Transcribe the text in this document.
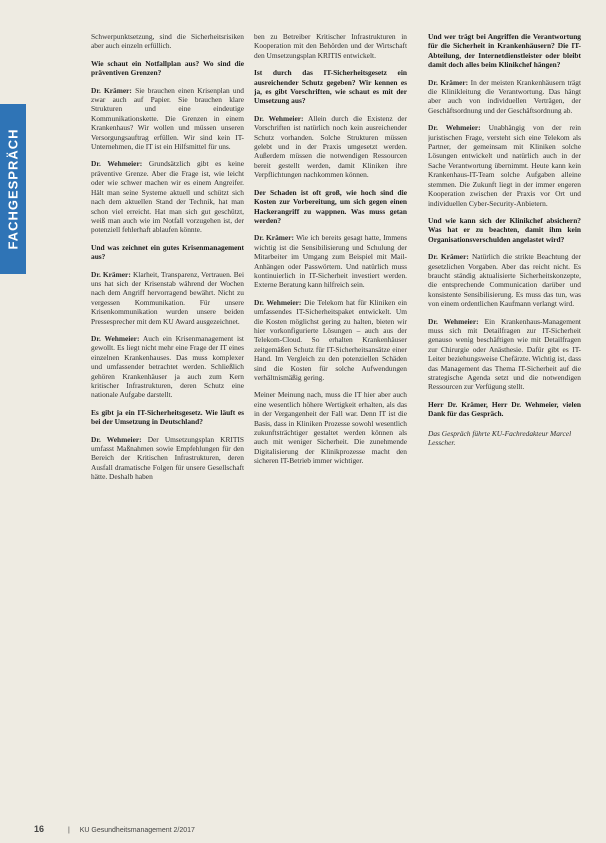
FACHGESPRÄCH

Schwerpunktsetzung, sind die Sicherheitsrisiken aber auch einzeln erfüllich.

Wie schaut ein Notfallplan aus? Wo sind die präventiven Grenzen?

Dr. Krämer: Sie brauchen einen Krisenplan und zwar auch auf Papier. Sie brauchen klare Strukturen und eine eindeutige Kommunikationskette. Die Grenzen in einem Krankenhaus? Wir wollen und müssen unseren Versorgungsauftrag erfüllen. Wir sind kein IT-Unternehmen, die IT ist ein Hilfsmittel für uns.

Dr. Wehmeier: Grundsätzlich gibt es keine präventive Grenze. Aber die Frage ist, wie leicht oder wie schwer machen wir es einem Angreifer. Hält man seine Systeme aktuell und schützt sich nach dem aktuellen Stand der Technik, hat man schon viel erreicht. Hat man sich gut geschützt, weiß man auch wie im Notfall vorzugehen ist, der potenziell fehlerhaft ablaufen könnte.

Und was zeichnet ein gutes Krisenmanagement aus?

Dr. Krämer: Klarheit, Transparenz, Vertrauen. Bei uns hat sich der Krisenstab während der Wochen nach dem Angriff hervorragend bewährt. Nicht zu vergessen Kommunikation. Für unsere Krisenkommunikation wurden unsere beiden Pressesprecher mit dem KU Award ausgezeichnet.

Dr. Wehmeier: Auch ein Krisenmanagement ist gewollt. Es liegt nicht mehr eine Frage der IT eines einzelnen Krankenhauses. Das muss komplexer und umfassender betrachtet werden. Schließlich gehören Krankenhäuser ja auch zum Kern kritischer Infrastrukturen, deren Schutz eine nationale Aufgabe darstellt.

Es gibt ja ein IT-Sicherheitsgesetz. Wie läuft es bei der Umsetzung in Deutschland?

Dr. Wehmeier: Der Umsetzungsplan KRITIS umfasst Maßnahmen sowie Empfehlungen für den Bereich der Kritischen Infrastrukturen, deren Ausfall dramatische Folgen für unsere Gesellschaft hätte. Deshalb haben

ben zu Betreiber Kritischer Infrastrukturen in Kooperation mit den Behörden und der Wirtschaft den Umsetzungsplan KRITIS entwickelt.

Ist durch das IT-Sicherheitsgesetz ein ausreichender Schutz gegeben? Wir kennen es ja, es gibt Vorschriften, wie schaut es mit der Umsetzung aus?

Dr. Wehmeier: Allein durch die Existenz der Vorschriften ist natürlich noch kein ausreichender Schutz vorhanden. Solche Strukturen müssen gelebt und in der Praxis umgesetzt werden. Außerdem müssen die notwendigen Ressourcen bereit gestellt werden, damit Kliniken ihre Verpflichtungen nachkommen können.

Der Schaden ist oft groß, wie hoch sind die Kosten zur Vorbereitung, um sich gegen einen Hackerangriff zu wappnen. Was muss getan werden?

Dr. Krämer: Wie ich bereits gesagt hatte, Immens wichtig ist die Sensibilisierung und Schulung der Mitarbeiter im Umgang zum Beispiel mit Mail-Anhängen oder Passwörtern. Und natürlich muss kontinuierlich in IT-Sicherheit investiert werden. Externe Beratung kann hilfreich sein.

Dr. Wehmeier: Die Telekom hat für Kliniken ein umfassendes IT-Sicherheitspaket entwickelt. Um die Kosten möglichst gering zu halten, bieten wir hier vorkonfigurierte Lösungen – auch aus der Telekom-Cloud. So erhalten Krankenhäuser zeitgemäßen Schutz für IT-Sicherheitsansätze einer Hand. Im Vergleich zu den potenziellen Schäden sind die Kosten für solche Aufwendungen verhältnismäßig gering.

Meiner Meinung nach, muss die IT hier aber auch eine wesentlich höhere Wertigkeit erhalten, als das in der Vergangenheit der Fall war. Denn IT ist die Basis, dass in Kliniken Prozesse sowohl wesentlich zukunftsträchtiger gestaltet werden können als auch mit weniger Sicherheit. Die zunehmende Digitalisierung der Klinikprozesse macht den sicheren IT-Betrieb immer wichtiger.

Und wer trägt bei Angriffen die Verantwortung für die Sicherheit in Krankenhäusern? Die IT-Abteilung, der Internetdienstleister oder bleibt damit doch alles beim Klinikchef hängen?

Dr. Krämer: In der meisten Krankenhäusern trägt die Klinikleitung die Verantwortung. Das hängt aber auch von individuellen Verträgen, der Geschäftsordnung und der Geschäftsordnung ab.

Dr. Wehmeier: Unabhängig von der rein juristischen Frage, versteht sich eine Telekom als Partner, der gemeinsam mit Kliniken solche Lösungen entwickelt und natürlich auch in der Sache Verantwortung übernimmt. Heute kann kein Krankenhaus-IT-Team solche Aufgaben alleine stemmen. Die Zukunft liegt in der immer engeren Kooperation zwischen der Praxis vor Ort und individuellen Cyber-Security-Anbietern.

Und wie kann sich der Klinikchef absichern? Was hat er zu beachten, damit ihm kein Organisationsverschulden angelastet wird?

Dr. Krämer: Natürlich die strikte Beachtung der gesetzlichen Vorgaben. Aber das reicht nicht. Es braucht ständig aktualisierte Sicherheitskonzepte, die entsprechende Communication darüber und konsistente Sensibilisierung. Es muss das tun, was von einem ordentlichen Kaufmann verlangt wird.

Dr. Wehmeier: Ein Krankenhaus-Management muss sich mit Detailfragen zur IT-Sicherheit genauso wenig beschäftigen wie mit Detailfragen zur Chirurgie oder Anästhesie. Dafür gibt es IT-Leiter beziehungsweise Chefärzte. Wichtig ist, dass das Management das Thema IT-Sicherheit auf die strategische Agenda setzt und die notwendigen Ressourcen zur Verfügung stellt.

Herr Dr. Krämer, Herr Dr. Wehmeier, vielen Dank für das Gespräch.

Das Gespräch führte KU-Fachredakteur Marcel Lesscher.

16	| KU Gesundheitsmanagement 2/2017
